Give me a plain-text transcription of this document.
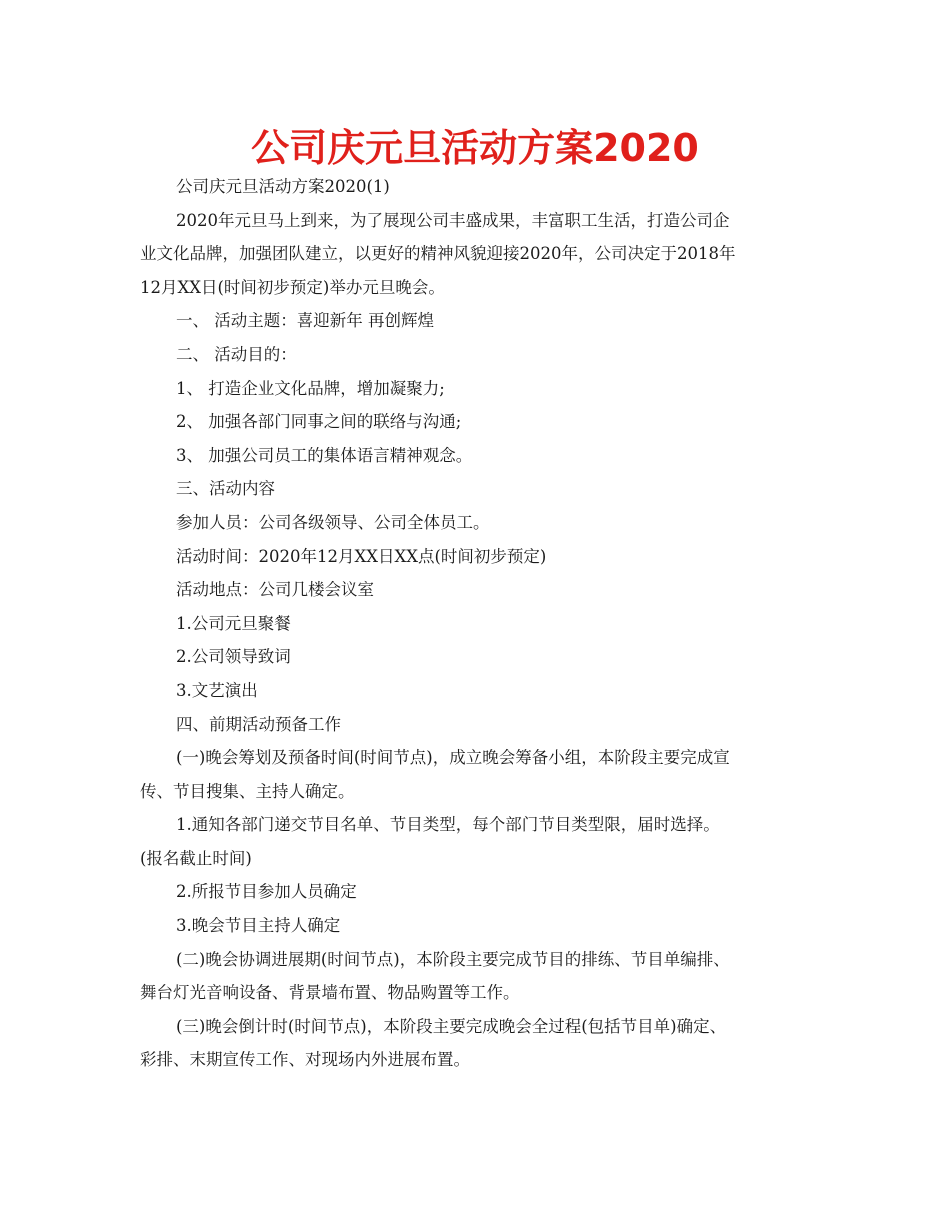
公司庆元旦活动方案2020
公司庆元旦活动方案2020(1)
2020年元旦马上到来，为了展现公司丰盛成果，丰富职工生活，打造公司企
业文化品牌，加强团队建立，以更好的精神风貌迎接2020年，公司决定于2018年
12月XX日(时间初步预定)举办元旦晚会。
一、 活动主题：喜迎新年 再创辉煌
二、 活动目的：
1、 打造企业文化品牌，增加凝聚力;
2、 加强各部门同事之间的联络与沟通;
3、 加强公司员工的集体语言精神观念。
三、活动内容
参加人员：公司各级领导、公司全体员工。
活动时间：2020年12月XX日XX点(时间初步预定)
活动地点：公司几楼会议室
1.公司元旦聚餐
2.公司领导致词
3.文艺演出
四、前期活动预备工作
(一)晚会筹划及预备时间(时间节点)，成立晚会筹备小组，本阶段主要完成宣
传、节目搜集、主持人确定。
1.通知各部门递交节目名单、节目类型，每个部门节目类型限，届时选择。
(报名截止时间)
2.所报节目参加人员确定
3.晚会节目主持人确定
(二)晚会协调进展期(时间节点)，本阶段主要完成节目的排练、节目单编排、
舞台灯光音响设备、背景墙布置、物品购置等工作。
(三)晚会倒计时(时间节点)，本阶段主要完成晚会全过程(包括节目单)确定、
彩排、末期宣传工作、对现场内外进展布置。
